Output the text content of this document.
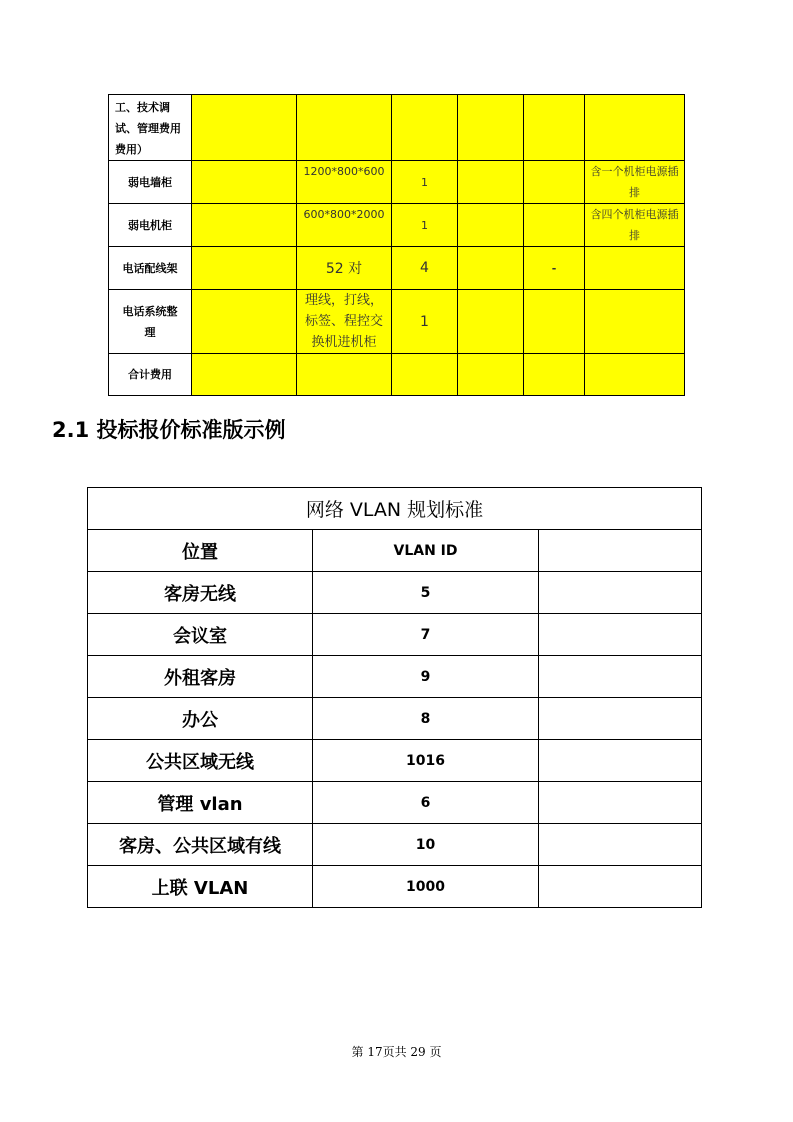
工、技术调
试、管理费用
费用）						
弱电墙柜		1200*800*600	1			含一个机柜电源插
排
弱电机柜		600*800*2000	1			含四个机柜电源插
排
电话配线架		52 对	4		-	
电话系统整
理		理线，打线，
标签、程控交
换机进机柜	1			
合计费用						
2.1 投标报价标准版示例
网络 VLAN 规划标准		
位置	VLAN ID	
客房无线	5	
会议室	7	
外租客房	9	
办公	8	
公共区域无线	1016	
管理 vlan	6	
客房、公共区域有线	10	
上联 VLAN	1000	
第 17页共 29 页
